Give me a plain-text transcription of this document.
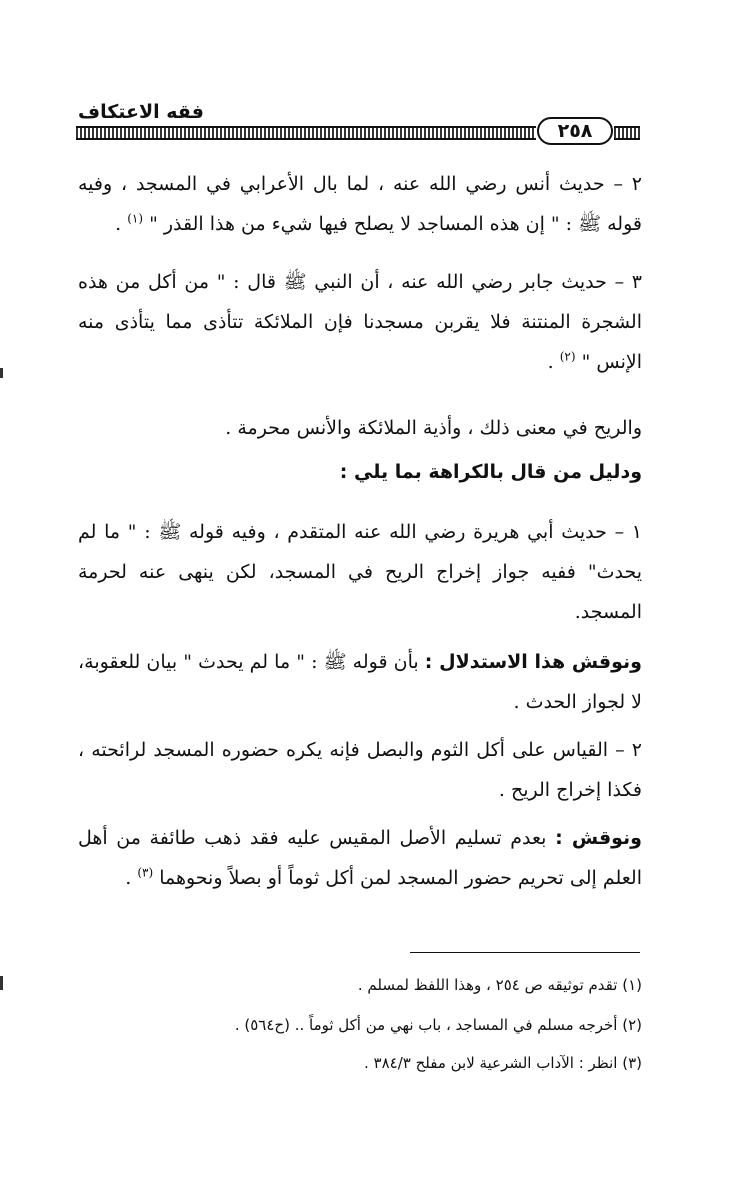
فقه الاعتكاف
٢٥٨
٢ – حديث أنس رضي الله عنه ، لما بال الأعرابي في المسجد ، وفيه قوله ﷺ : " إن هذه المساجد لا يصلح فيها شيء من هذا القذر " $^{(١)}$ .
٣ – حديث جابر رضي الله عنه ، أن النبي ﷺ قال : " من أكل من هذه الشجرة المنتنة فلا يقربن مسجدنا فإن الملائكة تتأذى مما يتأذى منه الإنس " $^{(٢)}$ .
والريح في معنى ذلك ، وأذية الملائكة والأنس محرمة .
ودليل من قال بالكراهة بما يلي :
١ – حديث أبي هريرة رضي الله عنه المتقدم ، وفيه قوله ﷺ : " ما لم يحدث" ففيه جواز إخراج الريح في المسجد، لكن ينهى عنه لحرمة المسجد.
ونوقش هذا الاستدلال : بأن قوله ﷺ : " ما لم يحدث " بيان للعقوبة، لا لجواز الحدث .
٢ – القياس على أكل الثوم والبصل فإنه يكره حضوره المسجد لرائحته ، فكذا إخراج الريح .
ونوقش : بعدم تسليم الأصل المقيس عليه فقد ذهب طائفة من أهل العلم إلى تحريم حضور المسجد لمن أكل ثوماً أو بصلاً ونحوهما $^{(٣)}$ .
(١) تقدم توثيقه ص ٢٥٤ ، وهذا اللفظ لمسلم .
(٢) أخرجه مسلم في المساجد ، باب نهي من أكل ثوماً .. (ح٥٦٤) .
(٣) انظر : الآداب الشرعية لابن مفلح ٣٨٤/٣ .
